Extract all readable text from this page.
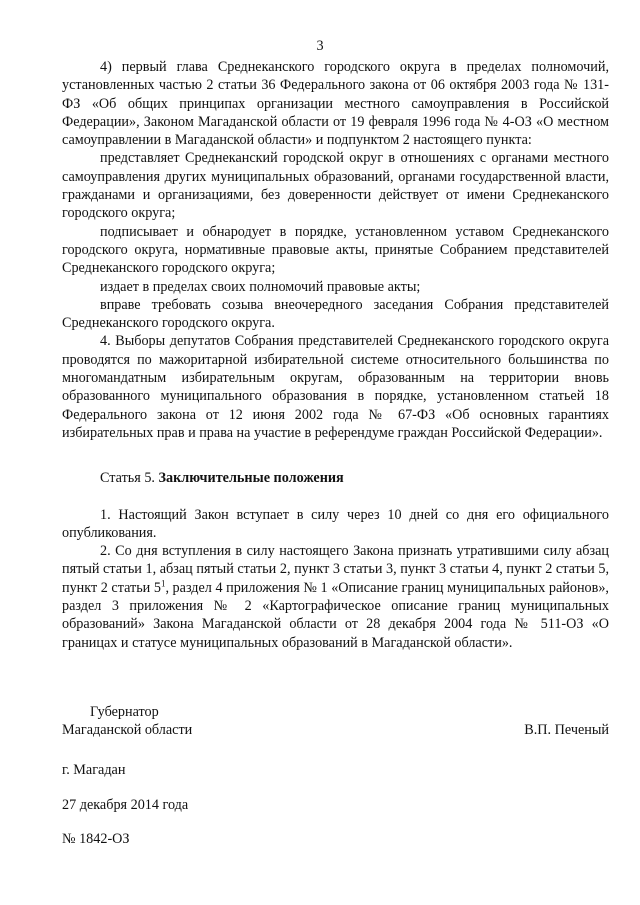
3

4) первый глава Среднеканского городского округа в пределах полномочий, установленных частью 2 статьи 36 Федерального закона от 06 октября 2003 года № 131-ФЗ «Об общих принципах организации местного самоуправления в Российской Федерации», Законом Магаданской области от 19 февраля 1996 года № 4-ОЗ «О местном самоуправлении в Магаданской области» и подпунктом 2 настоящего пункта:

представляет Среднеканский городской округ в отношениях с органами местного самоуправления других муниципальных образований, органами государственной власти, гражданами и организациями, без доверенности действует от имени Среднеканского городского округа;

подписывает и обнародует в порядке, установленном уставом Среднеканского городского округа, нормативные правовые акты, принятые Собранием представителей Среднеканского городского округа;

издает в пределах своих полномочий правовые акты;

вправе требовать созыва внеочередного заседания Собрания представителей Среднеканского городского округа.

4. Выборы депутатов Собрания представителей Среднеканского городского округа проводятся по мажоритарной избирательной системе относительного большинства по многомандатным избирательным округам, образованным на территории вновь образованного муниципального образования в порядке, установленном статьей 18 Федерального закона от 12 июня 2002 года № 67-ФЗ «Об основных гарантиях избирательных прав и права на участие в референдуме граждан Российской Федерации».

Статья 5. Заключительные положения

1. Настоящий Закон вступает в силу через 10 дней со дня его официального опубликования.

2. Со дня вступления в силу настоящего Закона признать утратившими силу абзац пятый статьи 1, абзац пятый статьи 2, пункт 3 статьи 3, пункт 3 статьи 4, пункт 2 статьи 5, пункт 2 статьи $5^1$, раздел 4 приложения № 1 «Описание границ муниципальных районов», раздел 3 приложения № 2 «Картографическое описание границ муниципальных образований» Закона Магаданской области от 28 декабря 2004 года № 511-ОЗ «О границах и статусе муниципальных образований в Магаданской области».

Губернатор
Магаданской области	В.П. Печеный
г. Магадан
27 декабря 2014 года
№ 1842-ОЗ
